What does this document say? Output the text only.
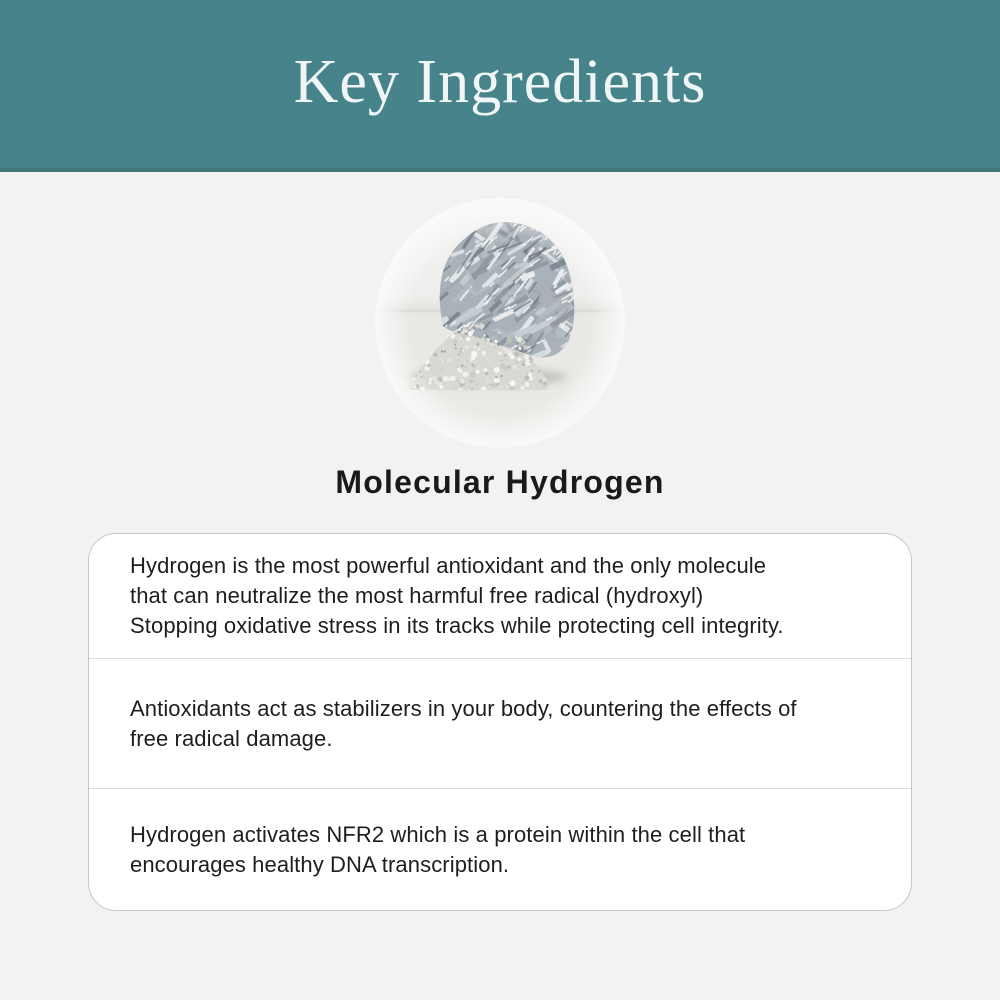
Key Ingredients
Molecular Hydrogen
Hydrogen is the most powerful antioxidant and the only molecule
that can neutralize the most harmful free radical (hydroxyl)
Stopping oxidative stress in its tracks while protecting cell integrity.
Antioxidants act as stabilizers in your body, countering the effects of
free radical damage.
Hydrogen activates NFR2 which is a protein within the cell that
encourages healthy DNA transcription.
